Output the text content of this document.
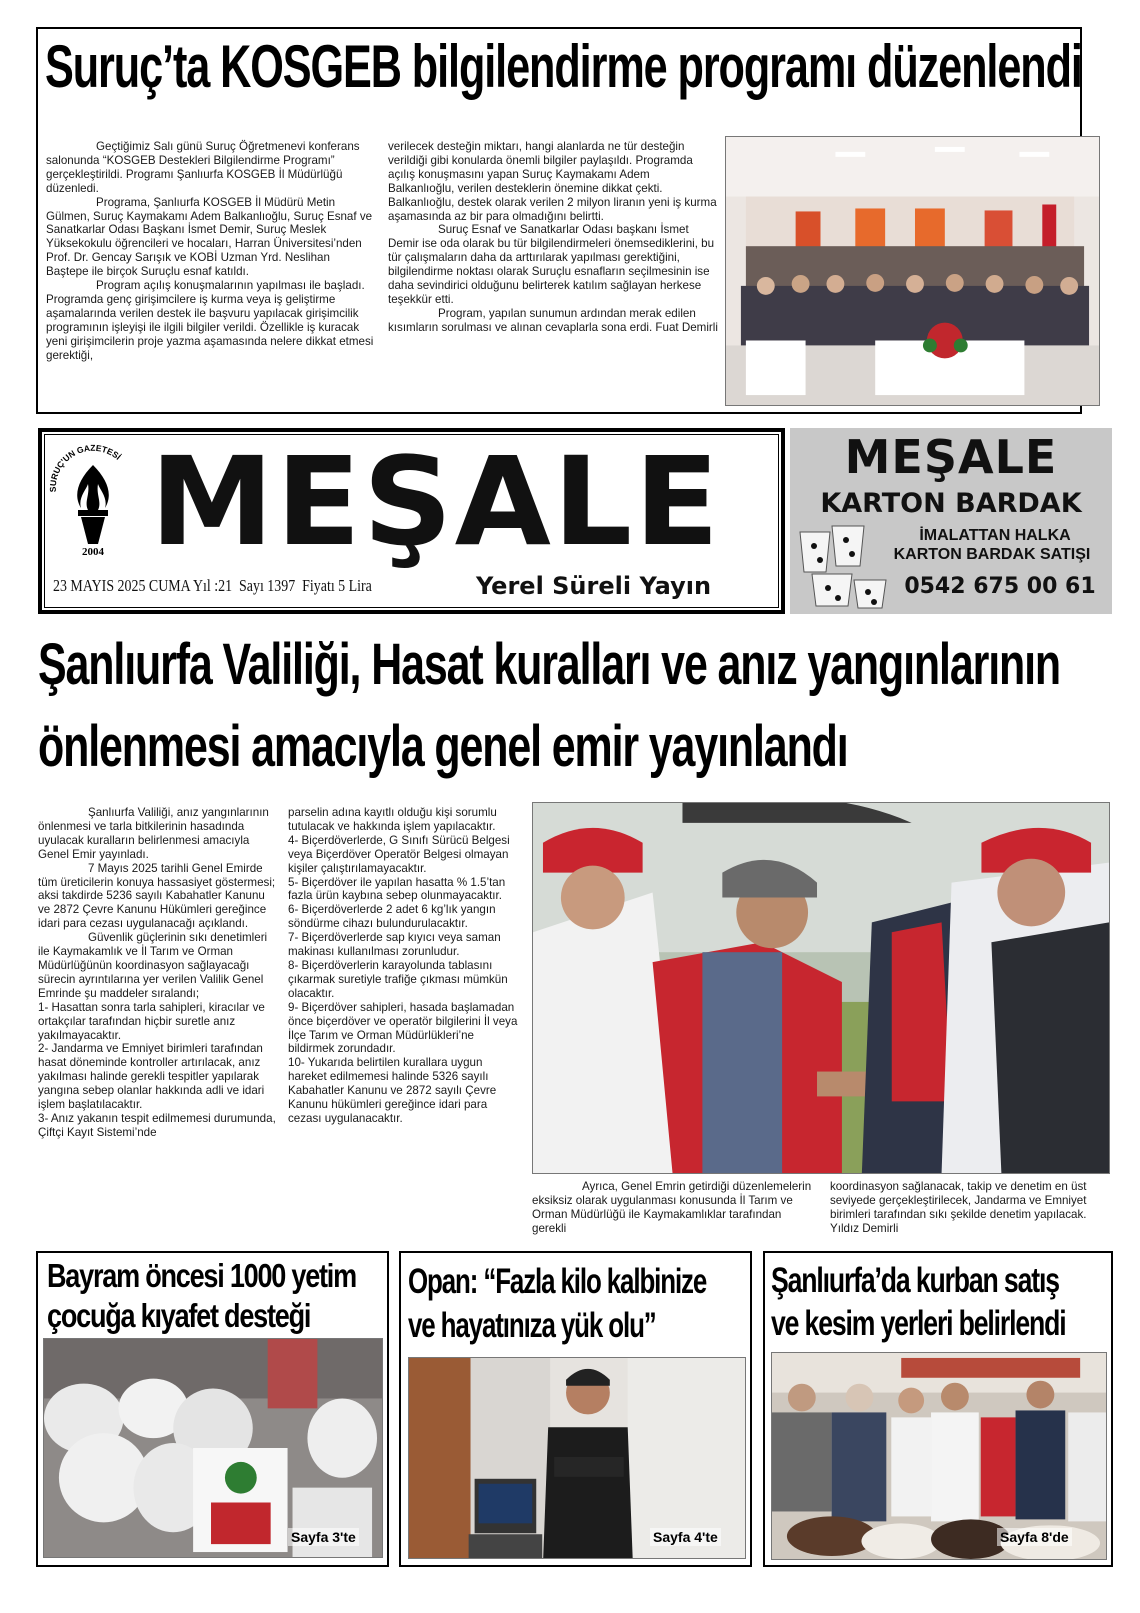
Suruç’ta KOSGEB bilgilendirme programı düzenlendi

Geçtiğimiz Salı günü Suruç Öğretmenevi konferans salonunda “KOSGEB Destekleri Bilgilendirme Programı” gerçekleştirildi. Programı Şanlıurfa KOSGEB İl Müdürlüğü düzenledi.

Programa, Şanlıurfa KOSGEB İl Müdürü Metin Gülmen, Suruç Kaymakamı Adem Balkanlıoğlu, Suruç Esnaf ve Sanatkarlar Odası Başkanı İsmet Demir, Suruç Meslek Yüksekokulu öğrencileri ve hocaları, Harran Üniversitesi’nden Prof. Dr. Gencay Sarışık ve KOBİ Uzman Yrd. Neslihan Baştepe ile birçok Suruçlu esnaf katıldı.

Program açılış konuşmalarının yapılması ile başladı. Programda genç girişimcilere iş kurma veya iş geliştirme aşamalarında verilen destek ile başvuru yapılacak girişimcilik programının işleyişi ile ilgili bilgiler verildi. Özellikle iş kuracak yeni girişimcilerin proje yazma aşamasında nelere dikkat etmesi gerektiği,

verilecek desteğin miktarı, hangi alanlarda ne tür desteğin verildiği gibi konularda önemli bilgiler paylaşıldı. Programda açılış konuşmasını yapan Suruç Kaymakamı Adem Balkanlıoğlu, verilen desteklerin önemine dikkat çekti. Balkanlıoğlu, destek olarak verilen 2 milyon liranın yeni iş kurma aşamasında az bir para olmadığını belirtti.

Suruç Esnaf ve Sanatkarlar Odası başkanı İsmet Demir ise oda olarak bu tür bilgilendirmeleri önemsediklerini, bu tür çalışmaların daha da arttırılarak yapılması gerektiğini, bilgilendirme noktası olarak Suruçlu esnafların seçilmesinin ise daha sevindirici olduğunu belirterek katılım sağlayan herkese teşekkür etti.

Program, yapılan sunumun ardından merak edilen kısımların sorulması ve alınan cevaplarla sona erdi. Fuat Demirli

SURUÇ'UN GAZETESİ
2004 MEŞALE
23 MAYIS 2025 CUMA Yıl :21 Sayı 1397 Fiyatı 5 Lira	Yerel Süreli Yayın
MEŞALE
KARTON BARDAK
İMALATTAN HALKA
KARTON BARDAK SATIŞI
0542 675 00 61
Şanlıurfa Valiliği, Hasat kuralları ve anız yangınlarının
önlenmesi amacıyla genel emir yayınlandı

Şanlıurfa Valiliği, anız yangınlarının önlenmesi ve tarla bitkilerinin hasadında uyulacak kuralların belirlenmesi amacıyla Genel Emir yayınladı.

7 Mayıs 2025 tarihli Genel Emirde tüm üreticilerin konuya hassasiyet göstermesi; aksi takdirde 5236 sayılı Kabahatler Kanunu ve 2872 Çevre Kanunu Hükümleri gereğince idari para cezası uygulanacağı açıklandı.

Güvenlik güçlerinin sıkı denetimleri ile Kaymakamlık ve İl Tarım ve Orman Müdürlüğünün koordinasyon sağlayacağı sürecin ayrıntılarına yer verilen Valilik Genel Emrinde şu maddeler sıralandı;

1- Hasattan sonra tarla sahipleri, kiracılar ve ortakçılar tarafından hiçbir suretle anız yakılmayacaktır.

2- Jandarma ve Emniyet birimleri tarafından hasat döneminde kontroller artırılacak, anız yakılması halinde gerekli tespitler yapılarak yangına sebep olanlar hakkında adli ve idari işlem başlatılacaktır.

3- Anız yakanın tespit edilmemesi durumunda, Çiftçi Kayıt Sistemi’nde

parselin adına kayıtlı olduğu kişi sorumlu tutulacak ve hakkında işlem yapılacaktır.

4- Biçerdöverlerde, G Sınıfı Sürücü Belgesi veya Biçerdöver Operatör Belgesi olmayan kişiler çalıştırılamayacaktır.

5- Biçerdöver ile yapılan hasatta % 1.5’tan fazla ürün kaybına sebep olunmayacaktır.

6- Biçerdöverlerde 2 adet 6 kg’lık yangın söndürme cihazı bulundurulacaktır.

7- Biçerdöverlerde sap kıyıcı veya saman makinası kullanılması zorunludur.

8- Biçerdöverlerin karayolunda tablasını çıkarmak suretiyle trafiğe çıkması mümkün olacaktır.

9- Biçerdöver sahipleri, hasada başlamadan önce biçerdöver ve operatör bilgilerini İl veya İlçe Tarım ve Orman Müdürlükleri’ne bildirmek zorundadır.

10- Yukarıda belirtilen kurallara uygun hareket edilmemesi halinde 5326 sayılı Kabahatler Kanunu ve 2872 sayılı Çevre Kanunu hükümleri gereğince idari para cezası uygulanacaktır.

Ayrıca, Genel Emrin getirdiği düzenlemelerin eksiksiz olarak uygulanması konusunda İl Tarım ve Orman Müdürlüğü ile Kaymakamlıklar tarafından gerekli

koordinasyon sağlanacak, takip ve denetim en üst seviyede gerçekleştirilecek, Jandarma ve Emniyet birimleri tarafından sıkı şekilde denetim yapılacak. Yıldız Demirli

Bayram öncesi 1000 yetim
çocuğa kıyafet desteği
Sayfa 3'te
Opan: “Fazla kilo kalbinize
ve hayatınıza yük olu”
Sayfa 4'te
Şanlıurfa’da kurban satış
ve kesim yerleri belirlendi
Sayfa 8'de
